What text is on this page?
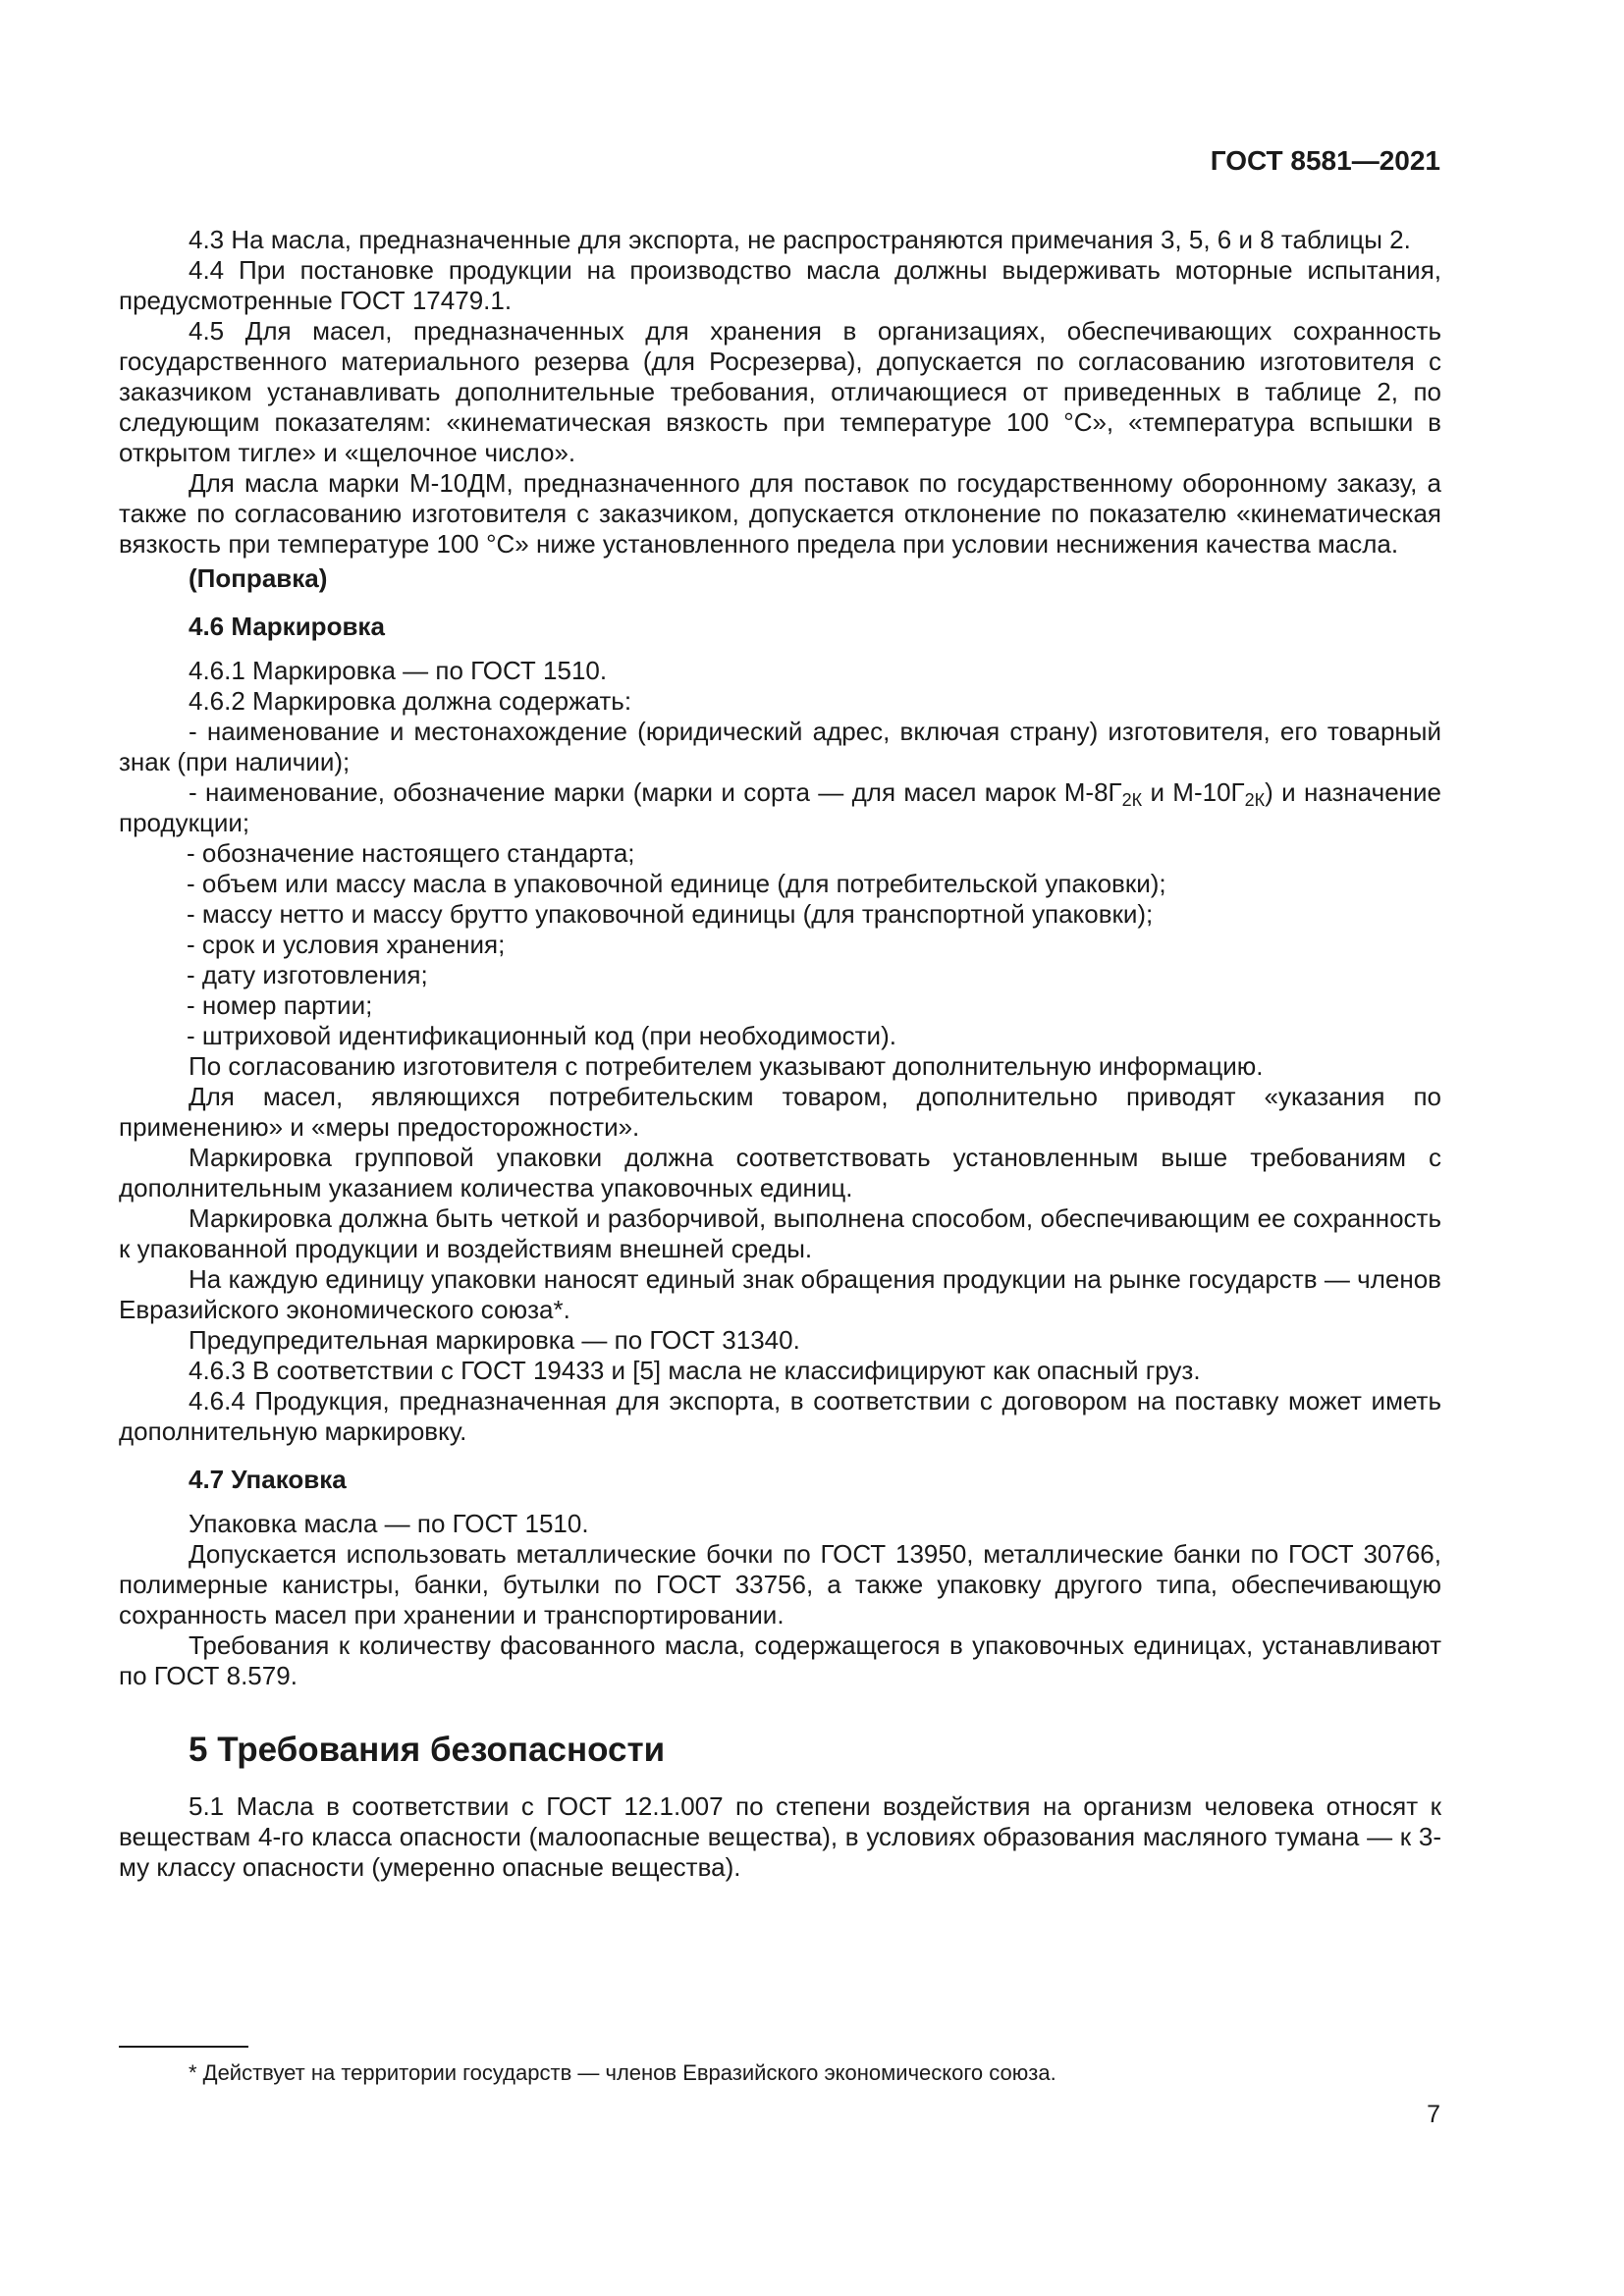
ГОСТ 8581—2021

4.3 На масла, предназначенные для экспорта, не распространяются примечания 3, 5, 6 и 8 таблицы 2.

4.4 При постановке продукции на производство масла должны выдерживать моторные испытания, предусмотренные ГОСТ 17479.1.

4.5 Для масел, предназначенных для хранения в организациях, обеспечивающих сохранность государственного материального резерва (для Росрезерва), допускается по согласованию изготовителя с заказчиком устанавливать дополнительные требования, отличающиеся от приведенных в таблице 2, по следующим показателям: «кинематическая вязкость при температуре 100 °C», «температура вспышки в открытом тигле» и «щелочное число».

Для масла марки М-10ДМ, предназначенного для поставок по государственному оборонному заказу, а также по согласованию изготовителя с заказчиком, допускается отклонение по показателю «кинематическая вязкость при температуре 100 °C» ниже установленного предела при условии неснижения качества масла.

(Поправка)

4.6 Маркировка

4.6.1 Маркировка — по ГОСТ 1510.

4.6.2 Маркировка должна содержать:

- наименование и местонахождение (юридический адрес, включая страну) изготовителя, его товарный знак (при наличии);

- наименование, обозначение марки (марки и сорта — для масел марок $М-8Г_{2К}$ и $М-10Г_{2К}$) и назначение продукции;

- обозначение настоящего стандарта;

- объем или массу масла в упаковочной единице (для потребительской упаковки);

- массу нетто и массу брутто упаковочной единицы (для транспортной упаковки);

- срок и условия хранения;

- дату изготовления;

- номер партии;

- штриховой идентификационный код (при необходимости).

По согласованию изготовителя с потребителем указывают дополнительную информацию.

Для масел, являющихся потребительским товаром, дополнительно приводят «указания по применению» и «меры предосторожности».

Маркировка групповой упаковки должна соответствовать установленным выше требованиям с дополнительным указанием количества упаковочных единиц.

Маркировка должна быть четкой и разборчивой, выполнена способом, обеспечивающим ее сохранность к упакованной продукции и воздействиям внешней среды.

На каждую единицу упаковки наносят единый знак обращения продукции на рынке государств — членов Евразийского экономического союза*.

Предупредительная маркировка — по ГОСТ 31340.

4.6.3 В соответствии с ГОСТ 19433 и [5] масла не классифицируют как опасный груз.

4.6.4 Продукция, предназначенная для экспорта, в соответствии с договором на поставку может иметь дополнительную маркировку.

4.7 Упаковка

Упаковка масла — по ГОСТ 1510.

Допускается использовать металлические бочки по ГОСТ 13950, металлические банки по ГОСТ 30766, полимерные канистры, банки, бутылки по ГОСТ 33756, а также упаковку другого типа, обеспечивающую сохранность масел при хранении и транспортировании.

Требования к количеству фасованного масла, содержащегося в упаковочных единицах, устанавливают по ГОСТ 8.579.

5 Требования безопасности

5.1 Масла в соответствии с ГОСТ 12.1.007 по степени воздействия на организм человека относят к веществам 4-го класса опасности (малоопасные вещества), в условиях образования масляного тумана — к 3-му классу опасности (умеренно опасные вещества).

* Действует на территории государств — членов Евразийского экономического союза.
7
